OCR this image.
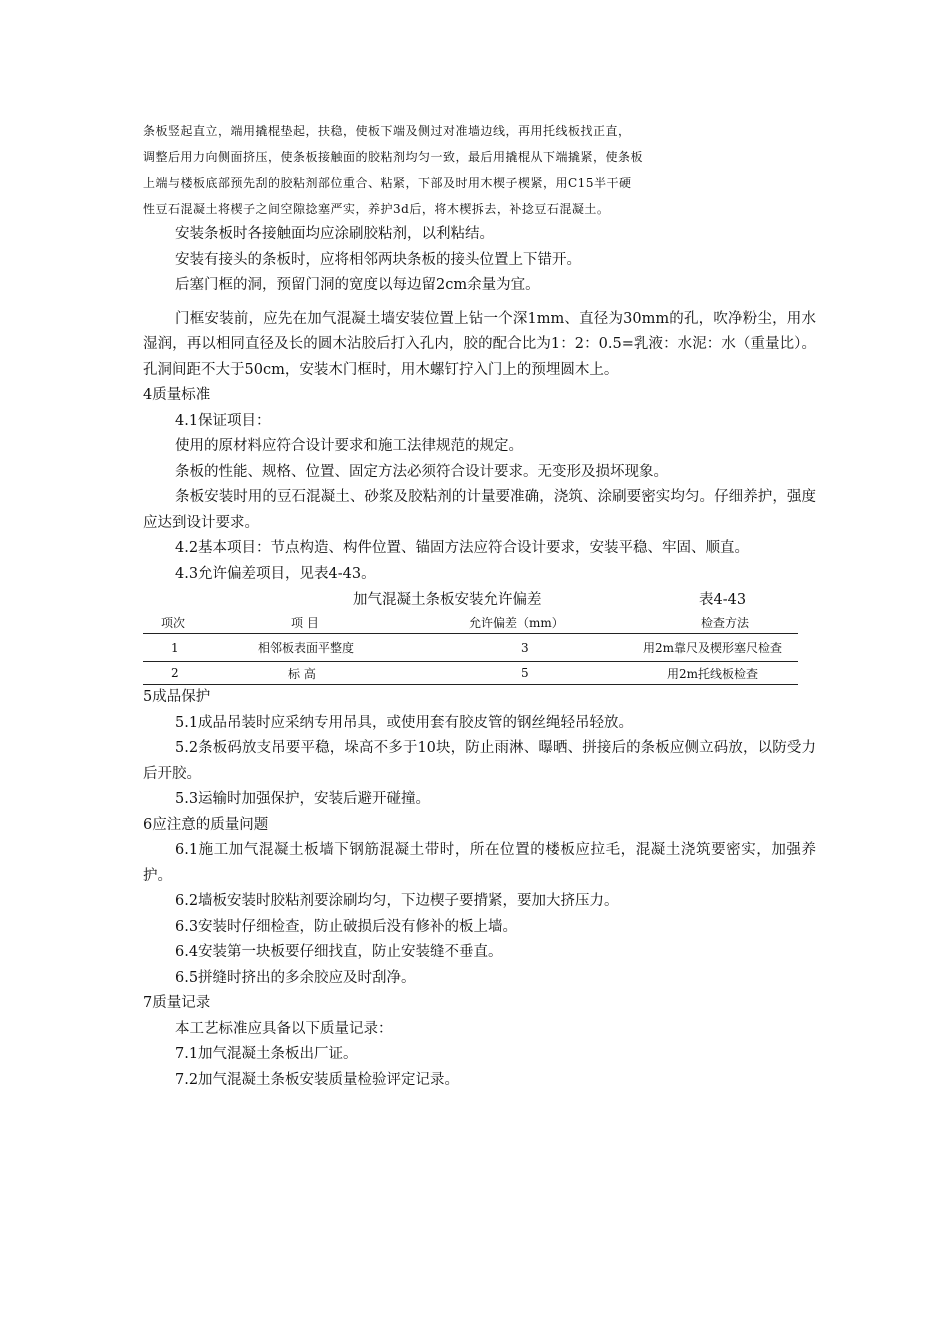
条板竖起直立，端用撬棍垫起，扶稳，使板下端及侧过对准墙边线，再用托线板找正直，
调整后用力向侧面挤压，使条板接触面的胶粘剂均匀一致，最后用撬棍从下端撬紧，使条板
上端与楼板底部预先刮的胶粘剂部位重合、粘紧，下部及时用木楔子楔紧，用C15半干硬
性豆石混凝土将楔子之间空隙捻塞严实，养护3d后，将木楔拆去，补捻豆石混凝土。

安装条板时各接触面均应涂刷胶粘剂，以利粘结。

安装有接头的条板时，应将相邻两块条板的接头位置上下错开。

后塞门框的洞，预留门洞的宽度以每边留2cm余量为宜。

门框安装前，应先在加气混凝土墙安装位置上钻一个深1mm、直径为30mm的孔，吹净粉尘，用水湿润，再以相同直径及长的圆木沾胶后打入孔内，胶的配合比为1：2：0.5=乳液：水泥：水（重量比）。孔洞间距不大于50cm，安装木门框时，用木螺钉拧入门上的预埋圆木上。

4质量标准

4.1保证项目：

使用的原材料应符合设计要求和施工法律规范的规定。

条板的性能、规格、位置、固定方法必须符合设计要求。无变形及损坏现象。

条板安装时用的豆石混凝土、砂浆及胶粘剂的计量要准确，浇筑、涂刷要密实均匀。仔细养护，强度应达到设计要求。

4.2基本项目：节点构造、构件位置、锚固方法应符合设计要求，安装平稳、牢固、顺直。

4.3允许偏差项目，见表4-43。

加气混凝土条板安装允许偏差	表4-43
项次	项 目	允许偏差（mm）	检查方法
1	相邻板表面平整度	3	用2m靠尺及楔形塞尺检查
2	标 高	5	用2m托线板检查

5成品保护

5.1成品吊装时应采纳专用吊具，或使用套有胶皮管的钢丝绳轻吊轻放。

5.2条板码放支吊要平稳，垛高不多于10块，防止雨淋、曝晒、拼接后的条板应侧立码放，以防受力后开胶。

5.3运输时加强保护，安装后避开碰撞。

6应注意的质量问题

6.1施工加气混凝土板墙下钢筋混凝土带时，所在位置的楼板应拉毛，混凝土浇筑要密实，加强养护。

6.2墙板安装时胶粘剂要涂刷均匀，下边楔子要揹紧，要加大挤压力。

6.3安装时仔细检查，防止破损后没有修补的板上墙。

6.4安装第一块板要仔细找直，防止安装缝不垂直。

6.5拼缝时挤出的多余胶应及时刮净。

7质量记录

本工艺标准应具备以下质量记录：

7.1加气混凝土条板出厂证。

7.2加气混凝土条板安装质量检验评定记录。
